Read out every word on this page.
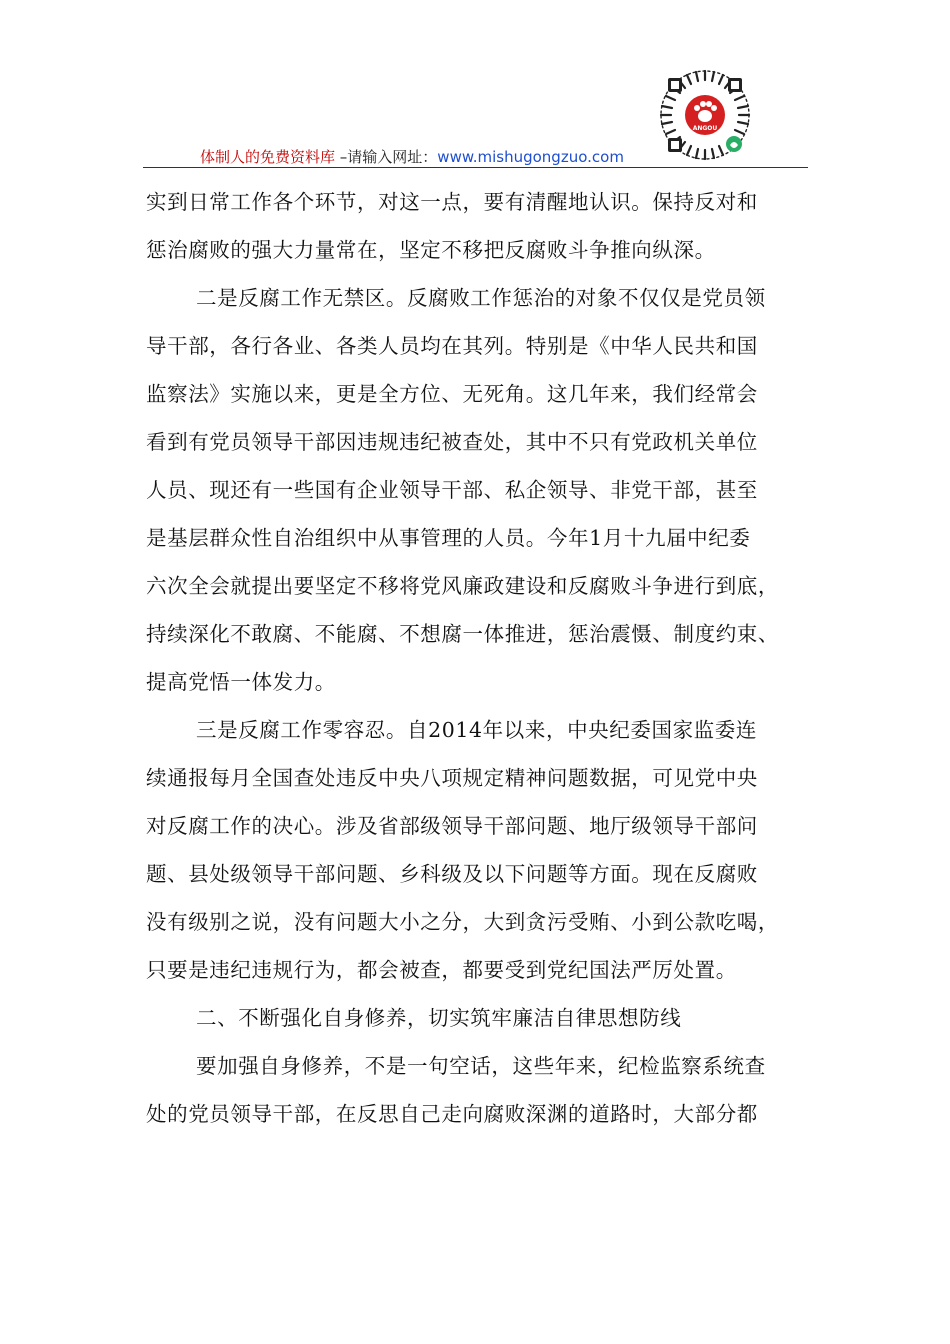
体制人的免费资料库 –请输入网址：www.mishugongzuo.com
ANGOU
实到日常工作各个环节，对这一点，要有清醒地认识。保持反对和
惩治腐败的强大力量常在，坚定不移把反腐败斗争推向纵深。
二是反腐工作无禁区。反腐败工作惩治的对象不仅仅是党员领
导干部，各行各业、各类人员均在其列。特别是《中华人民共和国
监察法》实施以来，更是全方位、无死角。这几年来，我们经常会
看到有党员领导干部因违规违纪被查处，其中不只有党政机关单位
人员、现还有一些国有企业领导干部、私企领导、非党干部，甚至
是基层群众性自治组织中从事管理的人员。今年1月十九届中纪委
六次全会就提出要坚定不移将党风廉政建设和反腐败斗争进行到底，
持续深化不敢腐、不能腐、不想腐一体推进，惩治震慑、制度约束、
提高党悟一体发力。
三是反腐工作零容忍。自2014年以来，中央纪委国家监委连
续通报每月全国查处违反中央八项规定精神问题数据，可见党中央
对反腐工作的决心。涉及省部级领导干部问题、地厅级领导干部问
题、县处级领导干部问题、乡科级及以下问题等方面。现在反腐败
没有级别之说，没有问题大小之分，大到贪污受贿、小到公款吃喝，
只要是违纪违规行为，都会被查，都要受到党纪国法严厉处置。
二、不断强化自身修养，切实筑牢廉洁自律思想防线
要加强自身修养，不是一句空话，这些年来，纪检监察系统查
处的党员领导干部，在反思自己走向腐败深渊的道路时，大部分都
